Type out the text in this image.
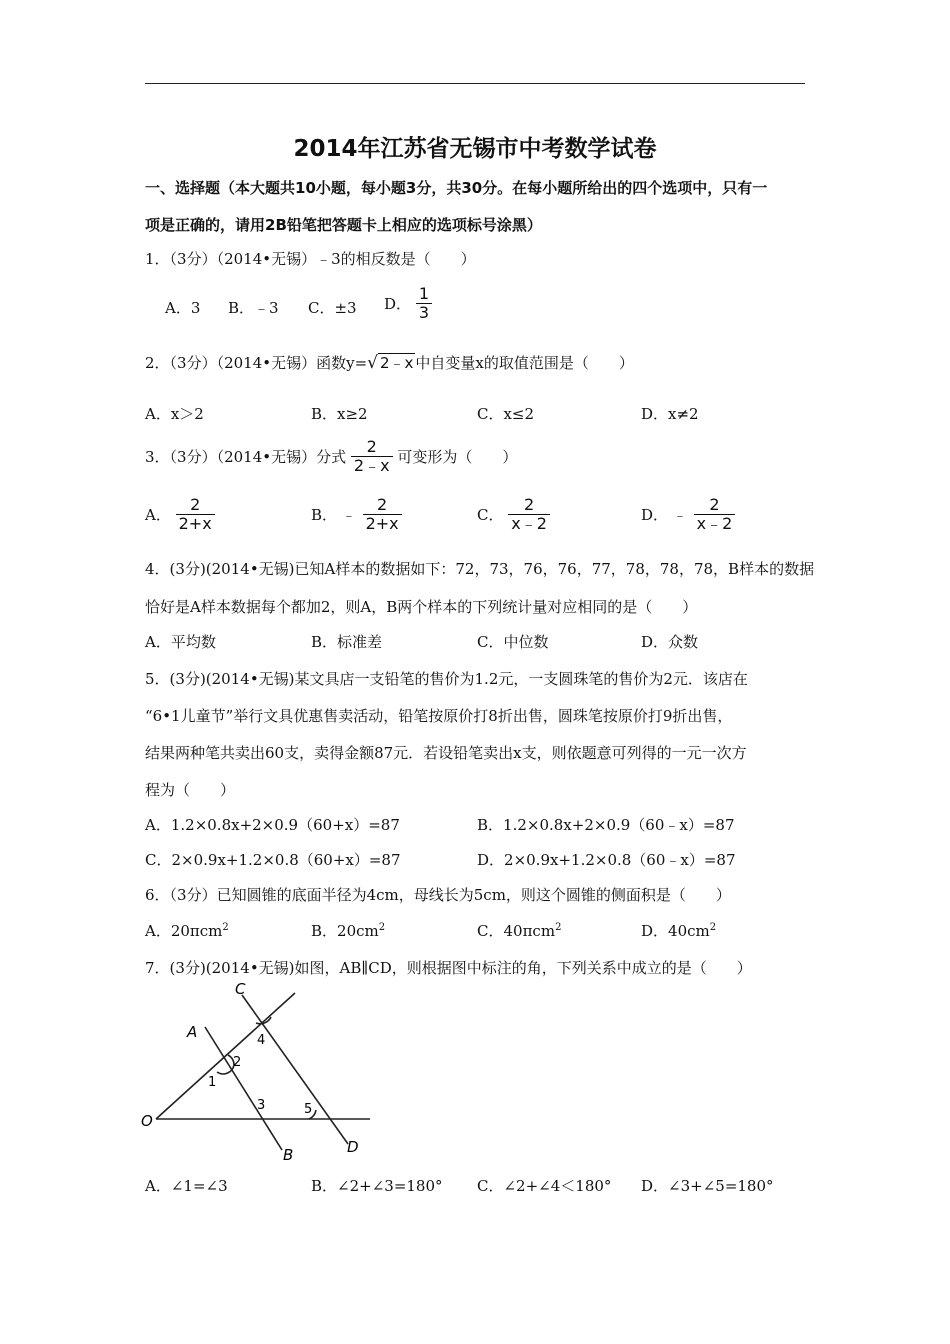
2014年江苏省无锡市中考数学试卷
一、选择题（本大题共10小题，每小题3分，共30分。在每小题所给出的四个选项中，只有一
项是正确的，请用2B铅笔把答题卡上相应的选项标号涂黑）
1．（3分）（2014•无锡）﹣3的相反数是（　　）
A．3 B．﹣3 C．±3 D． $\frac{1}{3}$
2．（3分）（2014•无锡）函数y=√ 2﹣x 中自变量x的取值范围是（　　）
A．x＞2	B．x≥2	C．x≤2	D．x≠2
3．（3分）（2014•无锡）分式 $\frac{2}{2﹣x}$ 可变形为（　　）
A． $\frac{2}{2+x}$	B． ﹣ $\frac{2}{2+x}$	C． $\frac{2}{x﹣2}$	D． ﹣ $\frac{2}{x﹣2}$
4．(3分)(2014•无锡)已知A样本的数据如下：72，73，76，76，77，78，78，78，B样本的数据
恰好是A样本数据每个都加2，则A，B两个样本的下列统计量对应相同的是（　　）
A．平均数	B．标准差	C．中位数	D．众数
5．(3分)(2014•无锡)某文具店一支铅笔的售价为1.2元，一支圆珠笔的售价为2元．该店在
“6•1儿童节”举行文具优惠售卖活动，铅笔按原价打8折出售，圆珠笔按原价打9折出售，
结果两种笔共卖出60支，卖得金额87元．若设铅笔卖出x支，则依题意可列得的一元一次方
程为（　　）
A．1.2×0.8x+2×0.9（60+x）=87	B．1.2×0.8x+2×0.9（60﹣x）=87
C．2×0.9x+1.2×0.8（60+x）=87	D．2×0.9x+1.2×0.8（60﹣x）=87
6．（3分）已知圆锥的底面半径为4cm，母线长为5cm，则这个圆锥的侧面积是（　　）
A．20πcm$^2$	B．$20cm^2$	C．40πcm$^2$	D．$40cm^2$
7．(3分)(2014•无锡)如图，AB∥CD，则根据图中标注的角，下列关系中成立的是（　　）
C
A
O
B	D
1
2
3
4
5
A．∠1=∠3	B．∠2+∠3=180° C．∠2+∠4＜180° D．∠3+∠5=180°
